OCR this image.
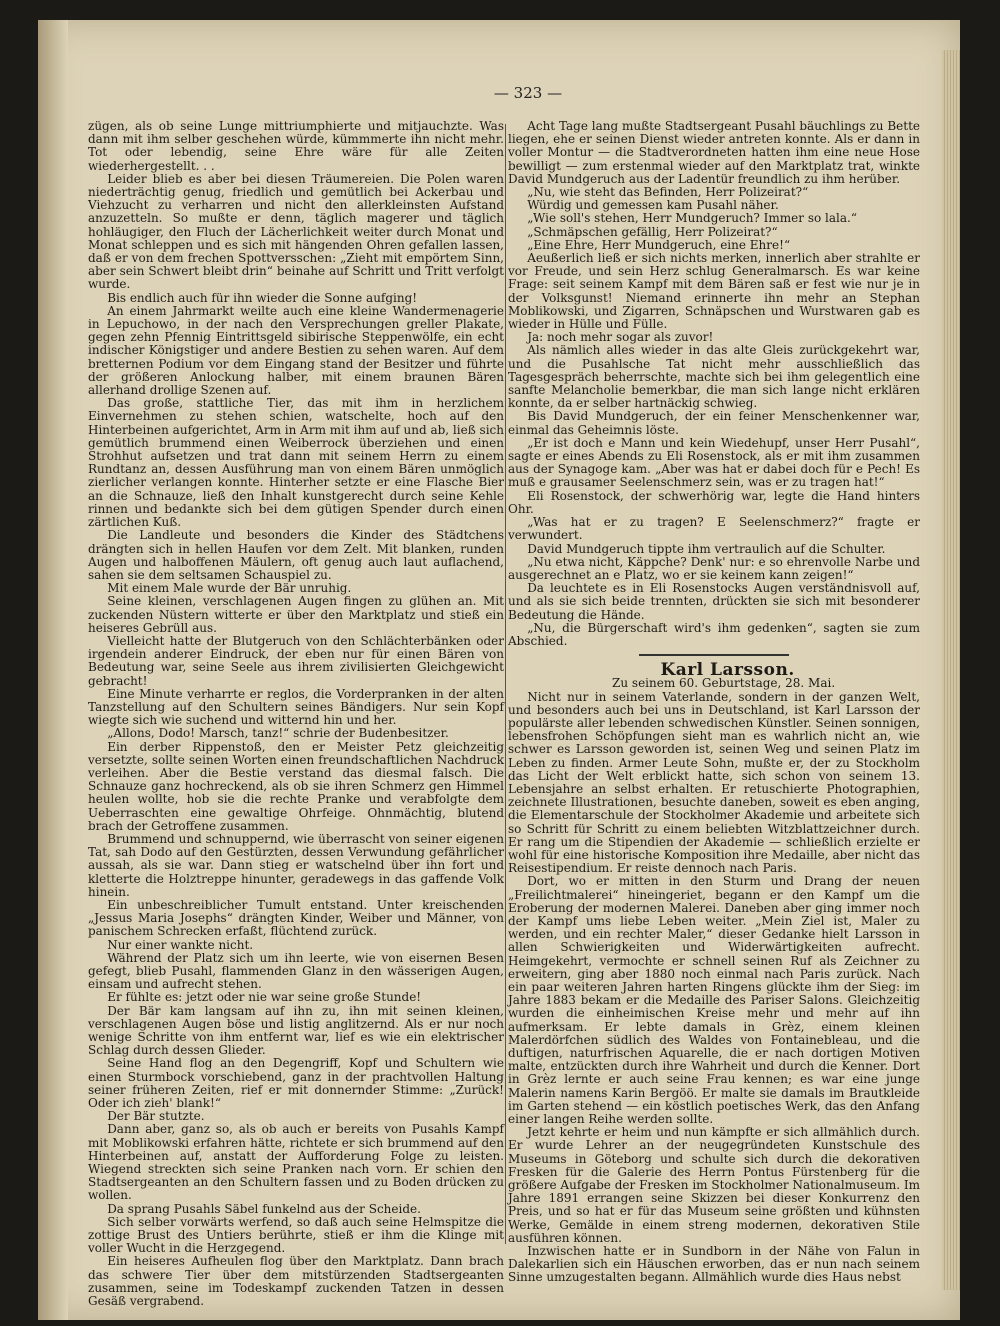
— 323 —

zügen, als ob seine Lunge mittriumphierte und mitjauchzte. Was dann mit ihm selber geschehen würde, kümmmerte ihn nicht mehr. Tot oder lebendig, seine Ehre wäre für alle Zeiten wiederhergestellt. . .

Leider blieb es aber bei diesen Träumereien. Die Polen waren niederträchtig genug, friedlich und gemütlich bei Ackerbau und Viehzucht zu verharren und nicht den allerkleinsten Aufstand anzuzetteln. So mußte er denn, täglich magerer und täglich hohläugiger, den Fluch der Lächerlichkeit weiter durch Monat und Monat schleppen und es sich mit hängenden Ohren gefallen lassen, daß er von dem frechen Spottversschen: „Zieht mit empörtem Sinn, aber sein Schwert bleibt drin“ beinahe auf Schritt und Tritt verfolgt wurde.

Bis endlich auch für ihn wieder die Sonne aufging!

An einem Jahrmarkt weilte auch eine kleine Wandermenagerie in Lepuchowo, in der nach den Versprechungen greller Plakate, gegen zehn Pfennig Eintrittsgeld sibirische Steppenwölfe, ein echt indischer Königstiger und andere Bestien zu sehen waren. Auf dem bretternen Podium vor dem Eingang stand der Besitzer und führte der größeren Anlockung halber, mit einem braunen Bären allerhand drollige Szenen auf.

Das große, stattliche Tier, das mit ihm in herzlichem Einvernehmen zu stehen schien, watschelte, hoch auf den Hinterbeinen aufgerichtet, Arm in Arm mit ihm auf und ab, ließ sich gemütlich brummend einen Weiberrock überziehen und einen Strohhut aufsetzen und trat dann mit seinem Herrn zu einem Rundtanz an, dessen Ausführung man von einem Bären unmöglich zierlicher verlangen konnte. Hinterher setzte er eine Flasche Bier an die Schnauze, ließ den Inhalt kunstgerecht durch seine Kehle rinnen und bedankte sich bei dem gütigen Spender durch einen zärtlichen Kuß.

Die Landleute und besonders die Kinder des Städtchens drängten sich in hellen Haufen vor dem Zelt. Mit blanken, runden Augen und halboffenen Mäulern, oft genug auch laut auflachend, sahen sie dem seltsamen Schauspiel zu.

Mit einem Male wurde der Bär unruhig.

Seine kleinen, verschlagenen Augen fingen zu glühen an. Mit zuckenden Nüstern witterte er über den Marktplatz und stieß ein heiseres Gebrüll aus.

Vielleicht hatte der Blutgeruch von den Schlächterbänken oder irgendein anderer Eindruck, der eben nur für einen Bären von Bedeutung war, seine Seele aus ihrem zivilisierten Gleichgewicht gebracht!

Eine Minute verharrte er reglos, die Vorderpranken in der alten Tanzstellung auf den Schultern seines Bändigers. Nur sein Kopf wiegte sich wie suchend und witternd hin und her.

„Allons, Dodo! Marsch, tanz!“ schrie der Budenbesitzer.

Ein derber Rippenstoß, den er Meister Petz gleichzeitig versetzte, sollte seinen Worten einen freundschaftlichen Nachdruck verleihen. Aber die Bestie verstand das diesmal falsch. Die Schnauze ganz hochreckend, als ob sie ihren Schmerz gen Himmel heulen wollte, hob sie die rechte Pranke und verabfolgte dem Ueberraschten eine gewaltige Ohrfeige. Ohnmächtig, blutend brach der Getroffene zusammen.

Brummend und schnuppernd, wie überrascht von seiner eigenen Tat, sah Dodo auf den Gestürzten, dessen Verwundung gefährlicher aussah, als sie war. Dann stieg er watschelnd über ihn fort und kletterte die Holztreppe hinunter, geradewegs in das gaffende Volk hinein.

Ein unbeschreiblicher Tumult entstand. Unter kreischenden „Jessus Maria Josephs“ drängten Kinder, Weiber und Männer, von panischem Schrecken erfaßt, flüchtend zurück.

Nur einer wankte nicht.

Während der Platz sich um ihn leerte, wie von eisernen Besen gefegt, blieb Pusahl, flammenden Glanz in den wässerigen Augen, einsam und aufrecht stehen.

Er fühlte es: jetzt oder nie war seine große Stunde!

Der Bär kam langsam auf ihn zu, ihn mit seinen kleinen, verschlagenen Augen böse und listig anglitzernd. Als er nur noch wenige Schritte von ihm entfernt war, lief es wie ein elektrischer Schlag durch dessen Glieder.

Seine Hand flog an den Degengriff, Kopf und Schultern wie einen Sturmbock vorschiebend, ganz in der prachtvollen Haltung seiner früheren Zeiten, rief er mit donnernder Stimme: „Zurück! Oder ich zieh' blank!“

Der Bär stutzte.

Dann aber, ganz so, als ob auch er bereits von Pusahls Kampf mit Moblikowski erfahren hätte, richtete er sich brummend auf den Hinterbeinen auf, anstatt der Aufforderung Folge zu leisten. Wiegend streckten sich seine Pranken nach vorn. Er schien den Stadtsergeanten an den Schultern fassen und zu Boden drücken zu wollen.

Da sprang Pusahls Säbel funkelnd aus der Scheide.

Sich selber vorwärts werfend, so daß auch seine Helmspitze die zottige Brust des Untiers berührte, stieß er ihm die Klinge mit voller Wucht in die Herzgegend.

Ein heiseres Aufheulen flog über den Marktplatz. Dann brach das schwere Tier über dem mitstürzenden Stadtsergeanten zusammen, seine im Todeskampf zuckenden Tatzen in dessen Gesäß vergrabend.

Acht Tage lang mußte Stadtsergeant Pusahl bäuchlings zu Bette liegen, ehe er seinen Dienst wieder antreten konnte. Als er dann in voller Montur — die Stadtverordneten hatten ihm eine neue Hose bewilligt — zum erstenmal wieder auf den Marktplatz trat, winkte David Mundgeruch aus der Ladentür freundlich zu ihm herüber.

„Nu, wie steht das Befinden, Herr Polizeirat?“

Würdig und gemessen kam Pusahl näher.

„Wie soll's stehen, Herr Mundgeruch? Immer so lala.“

„Schmäpschen gefällig, Herr Polizeirat?“

„Eine Ehre, Herr Mundgeruch, eine Ehre!“

Aeußerlich ließ er sich nichts merken, innerlich aber strahlte er vor Freude, und sein Herz schlug Generalmarsch. Es war keine Frage: seit seinem Kampf mit dem Bären saß er fest wie nur je in der Volksgunst! Niemand erinnerte ihn mehr an Stephan Moblikowski, und Zigarren, Schnäpschen und Wurstwaren gab es wieder in Hülle und Fülle.

Ja: noch mehr sogar als zuvor!

Als nämlich alles wieder in das alte Gleis zurückgekehrt war, und die Pusahlsche Tat nicht mehr ausschließlich das Tagesgespräch beherrschte, machte sich bei ihm gelegentlich eine sanfte Melancholie bemerkbar, die man sich lange nicht erklären konnte, da er selber hartnäckig schwieg.

Bis David Mundgeruch, der ein feiner Menschenkenner war, einmal das Geheimnis löste.

„Er ist doch e Mann und kein Wiedehupf, unser Herr Pusahl“, sagte er eines Abends zu Eli Rosenstock, als er mit ihm zusammen aus der Synagoge kam. „Aber was hat er dabei doch für e Pech! Es muß e grausamer Seelenschmerz sein, was er zu tragen hat!“

Eli Rosenstock, der schwerhörig war, legte die Hand hinters Ohr.

„Was hat er zu tragen? E Seelenschmerz?“ fragte er verwundert.

David Mundgeruch tippte ihm vertraulich auf die Schulter.

„Nu etwa nicht, Käppche? Denk' nur: e so ehrenvolle Narbe und ausgerechnet an e Platz, wo er sie keinem kann zeigen!“

Da leuchtete es in Eli Rosenstocks Augen verständnisvoll auf, und als sie sich beide trennten, drückten sie sich mit besonderer Bedeutung die Hände.

„Nu, die Bürgerschaft wird's ihm gedenken“, sagten sie zum Abschied.

Karl Larsson.

Zu seinem 60. Geburtstage, 28. Mai.

Nicht nur in seinem Vaterlande, sondern in der ganzen Welt, und besonders auch bei uns in Deutschland, ist Karl Larsson der populärste aller lebenden schwedischen Künstler. Seinen sonnigen, lebensfrohen Schöpfungen sieht man es wahrlich nicht an, wie schwer es Larsson geworden ist, seinen Weg und seinen Platz im Leben zu finden. Armer Leute Sohn, mußte er, der zu Stockholm das Licht der Welt erblickt hatte, sich schon von seinem 13. Lebensjahre an selbst erhalten. Er retuschierte Photographien, zeichnete Illustrationen, besuchte daneben, soweit es eben anging, die Elementarschule der Stockholmer Akademie und arbeitete sich so Schritt für Schritt zu einem beliebten Witzblattzeichner durch. Er rang um die Stipendien der Akademie — schließlich erzielte er wohl für eine historische Komposition ihre Medaille, aber nicht das Reisestipendium. Er reiste dennoch nach Paris.

Dort, wo er mitten in den Sturm und Drang der neuen „Freilichtmalerei“ hineingeriet, begann er den Kampf um die Eroberung der modernen Malerei. Daneben aber ging immer noch der Kampf ums liebe Leben weiter. „Mein Ziel ist, Maler zu werden, und ein rechter Maler,“ dieser Gedanke hielt Larsson in allen Schwierigkeiten und Widerwärtigkeiten aufrecht. Heimgekehrt, vermochte er schnell seinen Ruf als Zeichner zu erweitern, ging aber 1880 noch einmal nach Paris zurück. Nach ein paar weiteren Jahren harten Ringens glückte ihm der Sieg: im Jahre 1883 bekam er die Medaille des Pariser Salons. Gleichzeitig wurden die einheimischen Kreise mehr und mehr auf ihn aufmerksam. Er lebte damals in Grèz, einem kleinen Malerdörfchen südlich des Waldes von Fontainebleau, und die duftigen, naturfrischen Aquarelle, die er nach dortigen Motiven malte, entzückten durch ihre Wahrheit und durch die Kenner. Dort in Grèz lernte er auch seine Frau kennen; es war eine junge Malerin namens Karin Bergöö. Er malte sie damals im Brautkleide im Garten stehend — ein köstlich poetisches Werk, das den Anfang einer langen Reihe werden sollte.

Jetzt kehrte er heim und nun kämpfte er sich allmählich durch. Er wurde Lehrer an der neugegründeten Kunstschule des Museums in Göteborg und schulte sich durch die dekorativen Fresken für die Galerie des Herrn Pontus Fürstenberg für die größere Aufgabe der Fresken im Stockholmer Nationalmuseum. Im Jahre 1891 errangen seine Skizzen bei dieser Konkurrenz den Preis, und so hat er für das Museum seine größten und kühnsten Werke, Gemälde in einem streng modernen, dekorativen Stile ausführen können.

Inzwischen hatte er in Sundborn in der Nähe von Falun in Dalekarlien sich ein Häuschen erworben, das er nun nach seinem Sinne umzugestalten begann. Allmählich wurde dies Haus nebst
